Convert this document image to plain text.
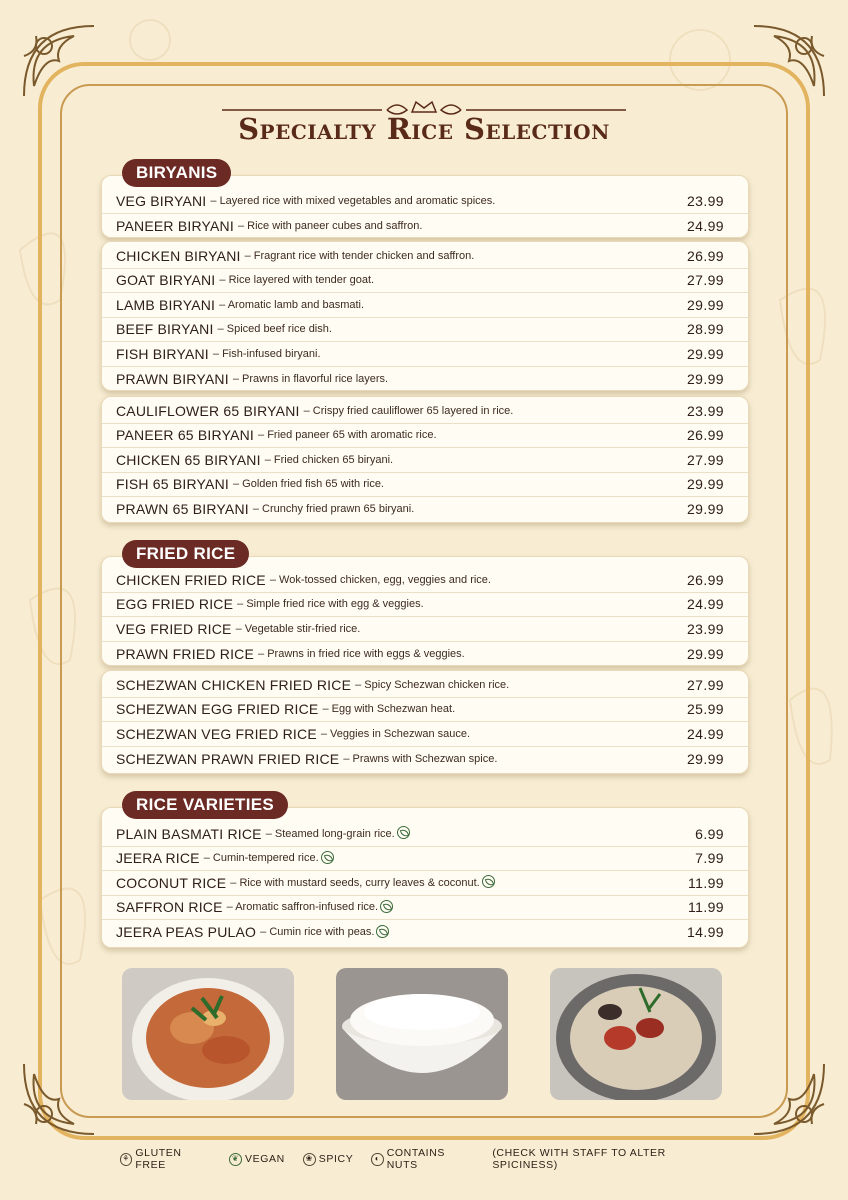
Specialty Rice Selection
BIRYANIS
VEG BIRYANI – Layered rice with mixed vegetables and aromatic spices.	23.99
PANEER BIRYANI – Rice with paneer cubes and saffron.	24.99
CHICKEN BIRYANI – Fragrant rice with tender chicken and saffron.	26.99
GOAT BIRYANI – Rice layered with tender goat.	27.99
LAMB BIRYANI – Aromatic lamb and basmati.	29.99
BEEF BIRYANI – Spiced beef rice dish.	28.99
FISH BIRYANI – Fish-infused biryani.	29.99
PRAWN BIRYANI – Prawns in flavorful rice layers.	29.99
CAULIFLOWER 65 BIRYANI – Crispy fried cauliflower 65 layered in rice.	23.99
PANEER 65 BIRYANI – Fried paneer 65 with aromatic rice.	26.99
CHICKEN 65 BIRYANI – Fried chicken 65 biryani.	27.99
FISH 65 BIRYANI – Golden fried fish 65 with rice.	29.99
PRAWN 65 BIRYANI – Crunchy fried prawn 65 biryani.	29.99
FRIED RICE
CHICKEN FRIED RICE – Wok-tossed chicken, egg, veggies and rice.	26.99
EGG FRIED RICE – Simple fried rice with egg & veggies.	24.99
VEG FRIED RICE – Vegetable stir-fried rice.	23.99
PRAWN FRIED RICE – Prawns in fried rice with eggs & veggies.	29.99
SCHEZWAN CHICKEN FRIED RICE – Spicy Schezwan chicken rice.	27.99
SCHEZWAN EGG FRIED RICE – Egg with Schezwan heat.	25.99
SCHEZWAN VEG FRIED RICE – Veggies in Schezwan sauce.	24.99
SCHEZWAN PRAWN FRIED RICE – Prawns with Schezwan spice.	29.99
RICE VARIETIES
PLAIN BASMATI RICE – Steamed long-grain rice.	6.99
JEERA RICE – Cumin-tempered rice.	7.99
COCONUT RICE – Rice with mustard seeds, curry leaves & coconut.	11.99
SAFFRON RICE – Aromatic saffron-infused rice.	11.99
JEERA PEAS PULAO – Cumin rice with peas.	14.99
⚘ GLUTEN FREE
❦ VEGAN	❀ SPICY	◐ CONTAINS NUTS
(CHECK WITH STAFF TO ALTER SPICINESS)
